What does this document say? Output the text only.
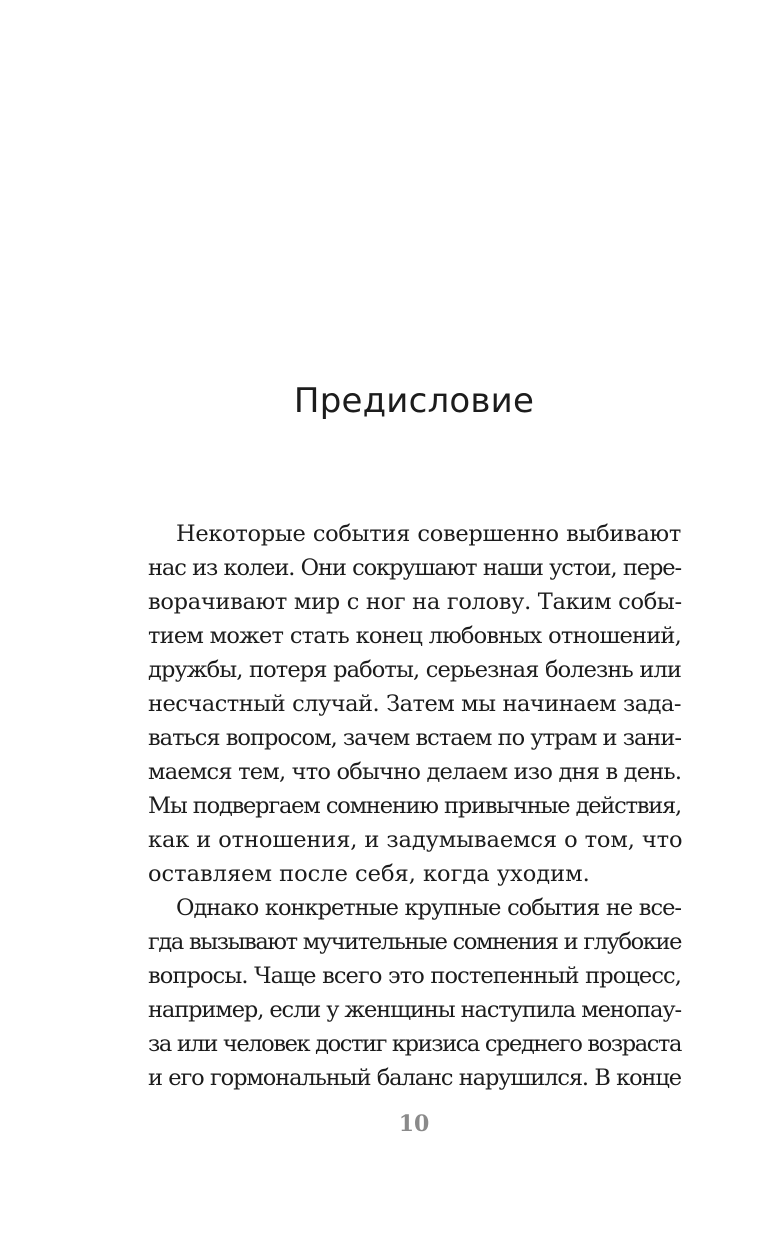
Предисловие
Некоторые события совершенно выбивают
нас из колеи. Они сокрушают наши устои, пере-
ворачивают мир с ног на голову. Таким собы-
тием может стать конец любовных отношений,
дружбы, потеря работы, серьезная болезнь или
несчастный случай. Затем мы начинаем зада-
ваться вопросом, зачем встаем по утрам и зани-
маемся тем, что обычно делаем изо дня в день.
Мы подвергаем сомнению привычные действия,
как и отношения, и задумываемся о том, что
оставляем после себя, когда уходим.
Однако конкретные крупные события не все-
гда вызывают мучительные сомнения и глубокие
вопросы. Чаще всего это постепенный процесс,
например, если у женщины наступила менопау-
за или человек достиг кризиса среднего возраста
и его гормональный баланс нарушился. В конце
10
